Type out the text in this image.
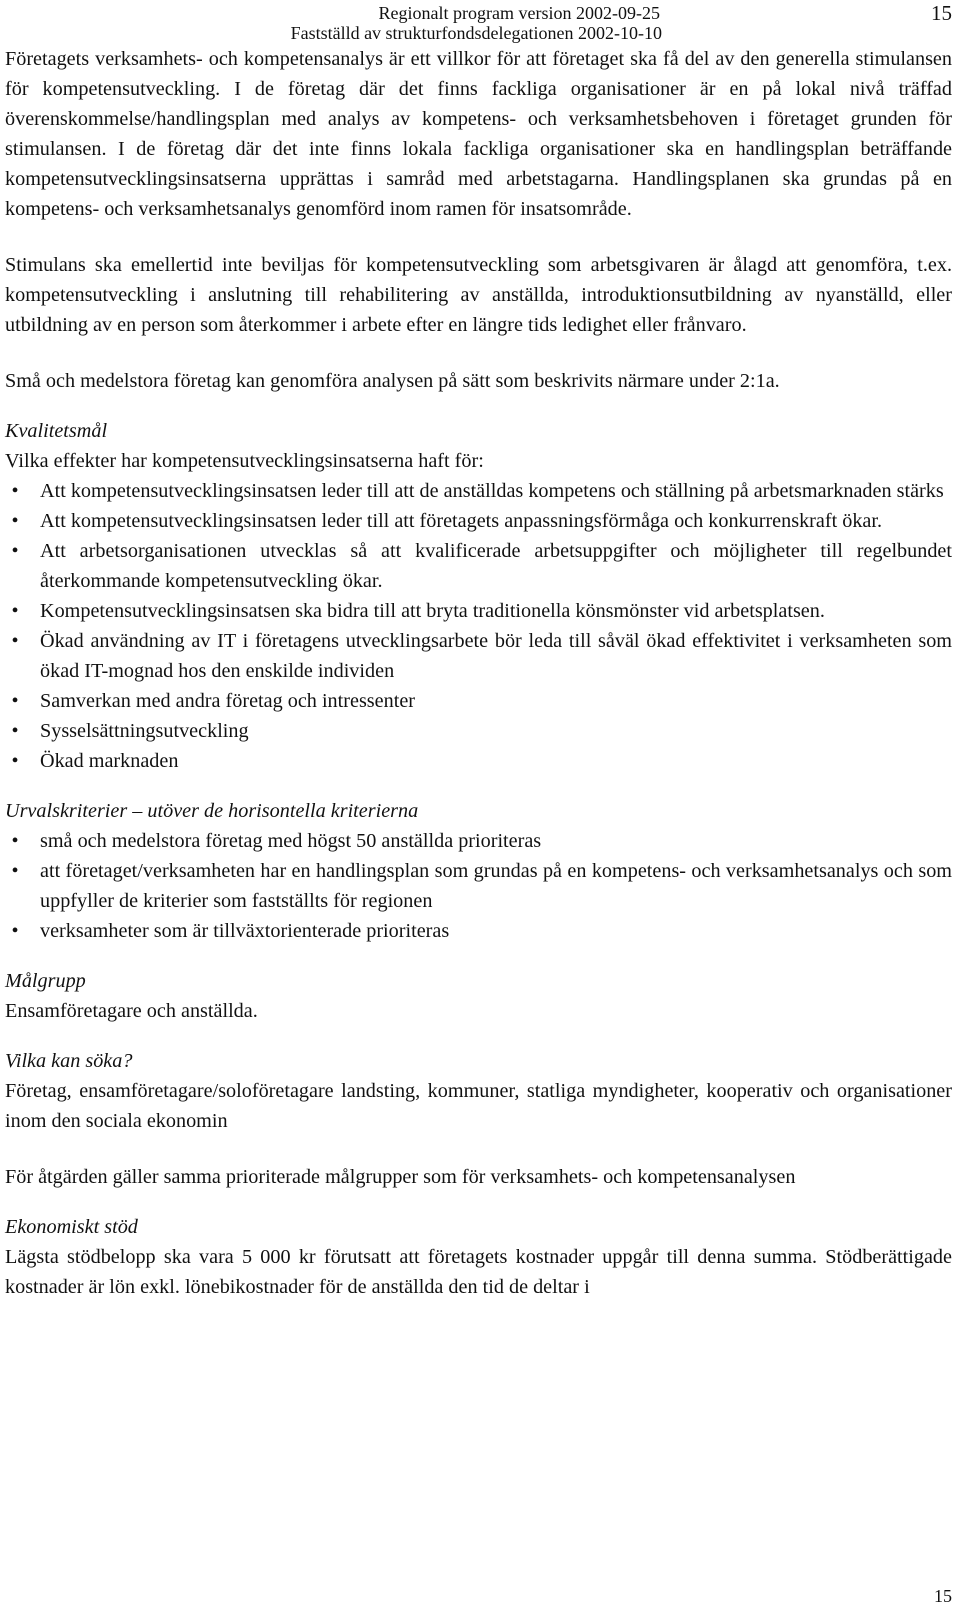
Regionalt program version 2002-09-25
Fastställd av strukturfondsdelegationen 2002-10-10
15

Företagets verksamhets- och kompetensanalys är ett villkor för att företaget ska få del av den generella stimulansen för kompetensutveckling. I de företag där det finns fackliga organisationer är en på lokal nivå träffad överenskommelse/handlingsplan med analys av kompetens- och verksamhetsbehoven i företaget grunden för stimulansen. I de företag där det inte finns lokala fackliga organisationer ska en handlingsplan beträffande kompetensutvecklingsinsatserna upprättas i samråd med arbetstagarna. Handlingsplanen ska grundas på en kompetens- och verksamhetsanalys genomförd inom ramen för insatsområde.

Stimulans ska emellertid inte beviljas för kompetensutveckling som arbetsgivaren är ålagd att genomföra, t.ex. kompetensutveckling i anslutning till rehabilitering av anställda, introduktionsutbildning av nyanställd, eller utbildning av en person som återkommer i arbete efter en längre tids ledighet eller frånvaro.

Små och medelstora företag kan genomföra analysen på sätt som beskrivits närmare under 2:1a.

Kvalitetsmål

Vilka effekter har kompetensutvecklingsinsatserna haft för:

•	Att kompetensutvecklingsinsatsen leder till att de anställdas kompetens och ställning på arbetsmarknaden stärks
•	Att kompetensutvecklingsinsatsen leder till att företagets anpassningsförmåga och konkurrenskraft ökar.
•	Att arbetsorganisationen utvecklas så att kvalificerade arbetsuppgifter och möjligheter till regelbundet återkommande kompetensutveckling ökar.
•	Kompetensutvecklingsinsatsen ska bidra till att bryta traditionella könsmönster vid arbetsplatsen.
•	Ökad användning av IT i företagens utvecklingsarbete bör leda till såväl ökad effektivitet i verksamheten som ökad IT-mognad hos den enskilde individen
•	Samverkan med andra företag och intressenter
•	Sysselsättningsutveckling
•	Ökad marknaden

Urvalskriterier – utöver de horisontella kriterierna

•	små och medelstora företag med högst 50 anställda prioriteras
•	att företaget/verksamheten har en handlingsplan som grundas på en kompetens- och verksamhetsanalys och som uppfyller de kriterier som fastställts för regionen
•	verksamheter som är tillväxtorienterade prioriteras

Målgrupp

Ensamföretagare och anställda.

Vilka kan söka?

Företag, ensamföretagare/soloföretagare landsting, kommuner, statliga myndigheter, kooperativ och organisationer inom den sociala ekonomin

För åtgärden gäller samma prioriterade målgrupper som för verksamhets- och kompetensanalysen

Ekonomiskt stöd

Lägsta stödbelopp ska vara 5 000 kr förutsatt att företagets kostnader uppgår till denna summa. Stödberättigade kostnader är lön exkl. lönebikostnader för de anställda den tid de deltar i

15
